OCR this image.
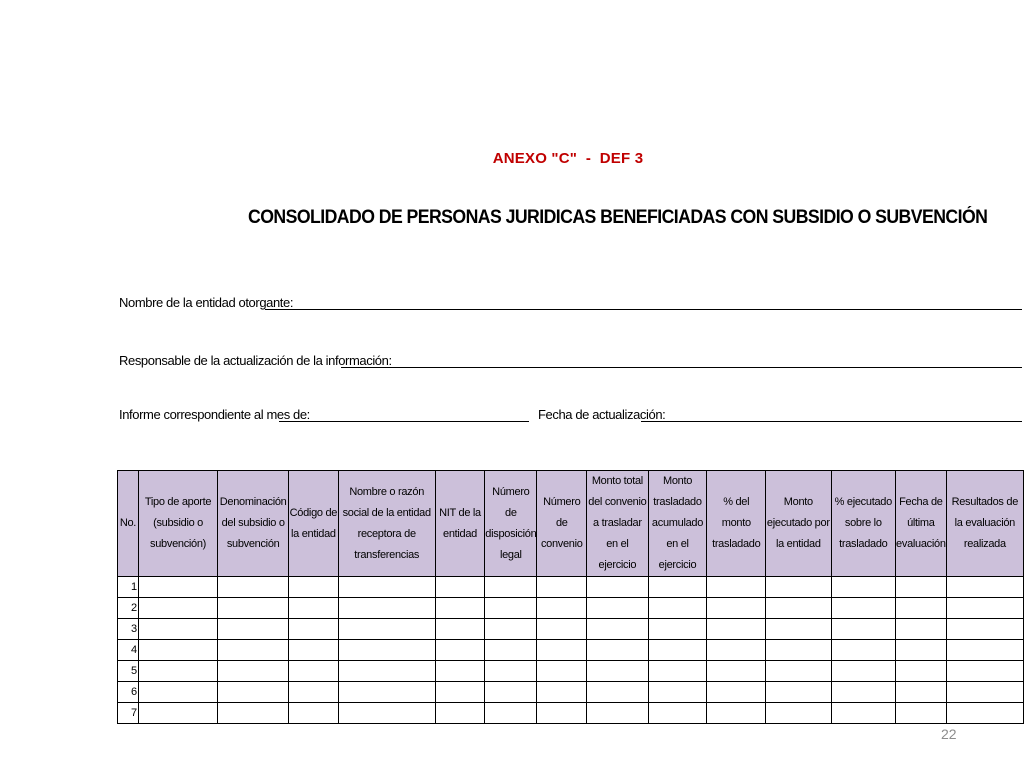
ANEXO "C"  -  DEF 3
CONSOLIDADO DE PERSONAS JURIDICAS BENEFICIADAS CON SUBSIDIO O SUBVENCIÓN
Nombre de la entidad otorgante:
Responsable de la actualización de la información:
Informe correspondiente al mes de:	Fecha de actualización:
No.	Tipo de aporte (subsidio o subvención)	Denominación del subsidio o subvención	Código de la entidad	Nombre o razón social de la entidad receptora de transferencias	NIT de la entidad	Número de disposición legal	Número de convenio	Monto total del convenio a trasladar en el ejercicio	Monto trasladado acumulado en el ejercicio	% del monto trasladado	Monto ejecutado por la entidad	% ejecutado sobre lo trasladado	Fecha de última evaluación	Resultados de la evaluación realizada
1														
2														
3														
4														
5														
6														
7														
22
